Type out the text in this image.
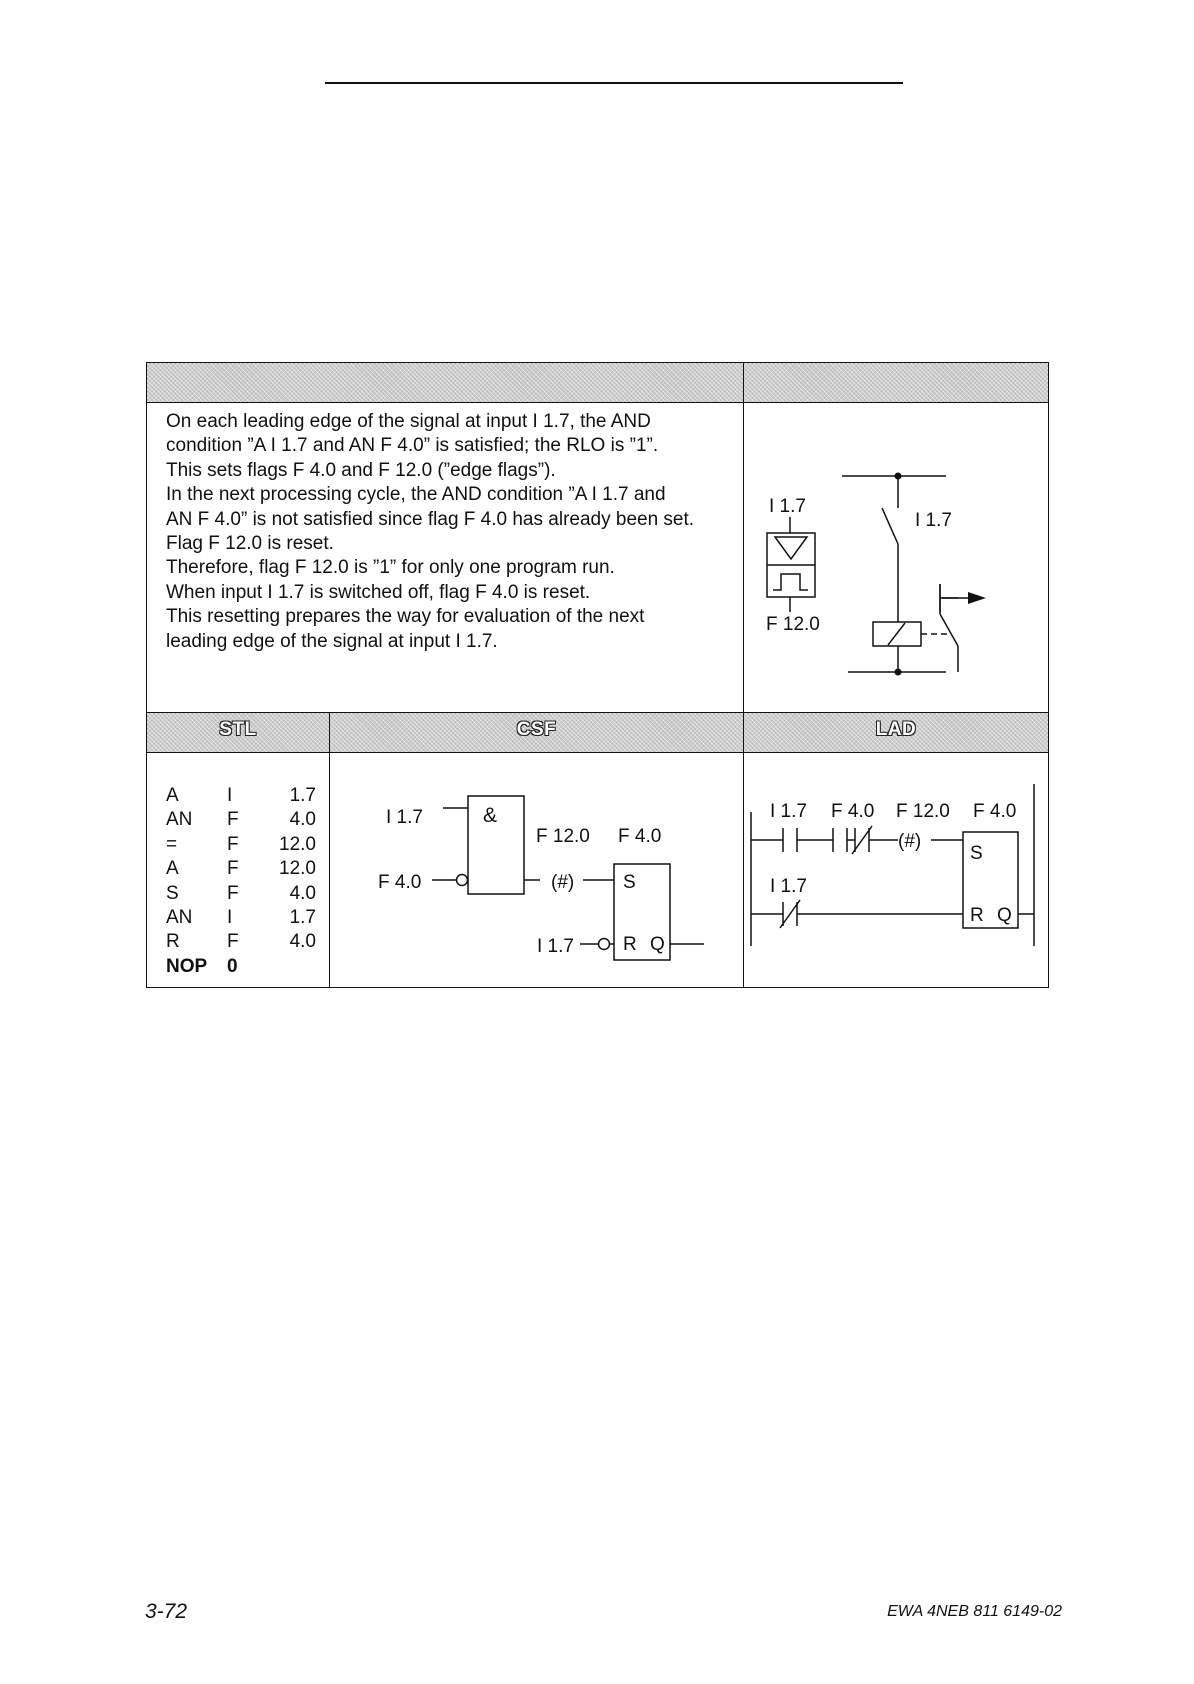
On each leading edge of the signal at input I 1.7, the AND
condition ”A I 1.7 and AN F 4.0” is satisfied; the RLO is ”1”.
This sets flags F 4.0 and F 12.0 (”edge flags”).
In the next processing cycle, the AND condition ”A I 1.7 and
AN F 4.0” is not satisfied since flag F 4.0 has already been set.
Flag F 12.0 is reset.
Therefore, flag F 12.0 is ”1” for only one program run.
When input I 1.7 is switched off, flag F 4.0 is reset.
This resetting prepares the way for evaluation of the next
leading edge of the signal at input I 1.7.
I 1.7
F 12.0
I 1.7
STL	CSF	LAD
A	I	1.7
AN F	4.0
=	F 12.0
A	F 12.0
S	F	4.0
AN I	1.7
R F	4.0
NOP 0
I 1.7	&
F 4.0
F 12.0 F 4.0
(#)	S
I 1.7	R Q
I 1.7 F 4.0 F 12.0 F 4.0
(#)
S
R Q
I 1.7
3-72	EWA 4NEB 811 6149-02
